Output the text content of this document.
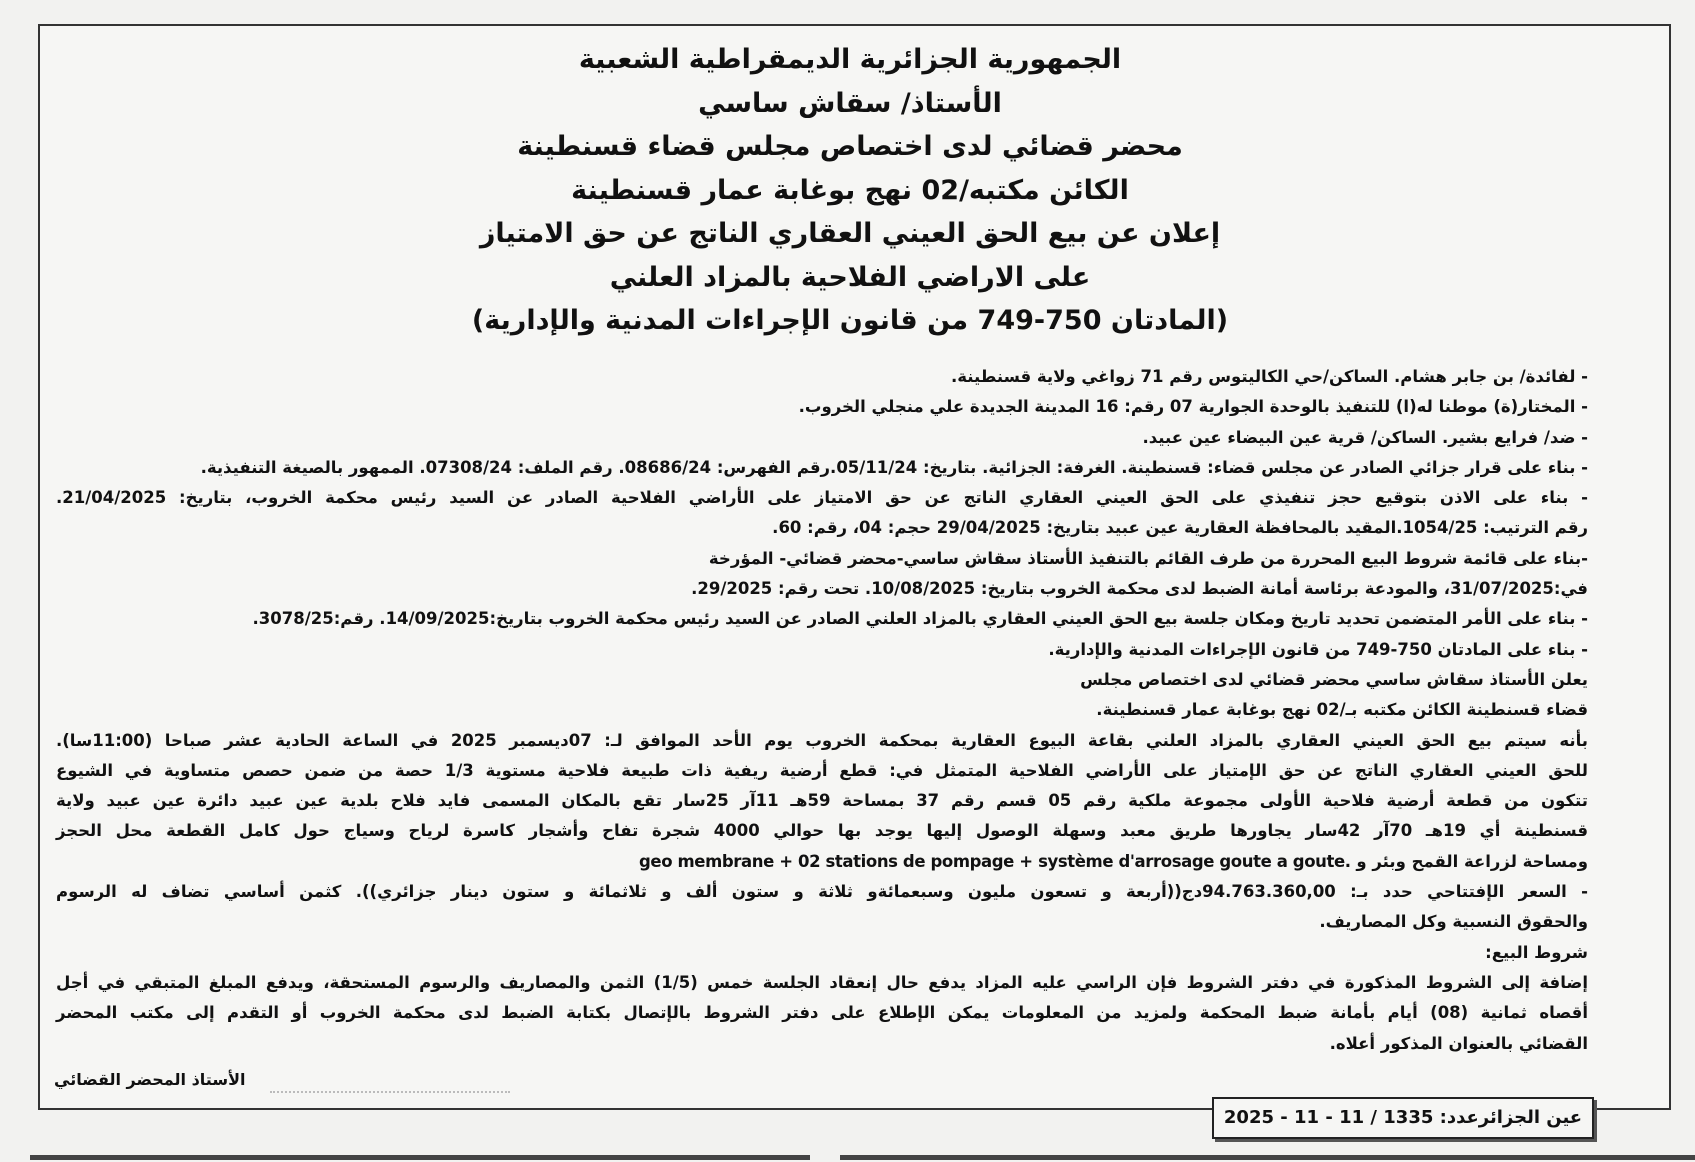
الجمهورية الجزائرية الديمقراطية الشعبية
الأستاذ/ سقاش ساسي
محضر قضائي لدى اختصاص مجلس قضاء قسنطينة
الكائن مكتبه/02 نهج بوغابة عمار قسنطينة
إعلان عن بيع الحق العيني العقاري الناتج عن حق الامتياز
على الاراضي الفلاحية بالمزاد العلني
(المادتان 750-749 من قانون الإجراءات المدنية والإدارية)
- لفائدة/ بن جابر هشام. الساكن/حي الكاليتوس رقم 71 زواغي ولاية قسنطينة.
- المختار(ة) موطنا له(ا) للتنفيذ بالوحدة الجوارية 07 رقم: 16 المدينة الجديدة علي منجلي الخروب.
- ضد/ فرايع بشير. الساكن/ قرية عين البيضاء عين عبيد.
- بناء على قرار جزائي الصادر عن مجلس قضاء: قسنطينة. الغرفة: الجزائية. بتاريخ: 05/11/24.رقم الفهرس: 08686/24. رقم الملف: 07308/24. الممهور بالصيغة التنفيذية.
- بناء على الاذن بتوقيع حجز تنفيذي على الحق العيني العقاري الناتج عن حق الامتياز على الأراضي الفلاحية الصادر عن السيد رئيس محكمة الخروب، بتاريخ: 21/04/2025.
رقم الترتيب: 1054/25.المقيد بالمحافظة العقارية عين عبيد بتاريخ: 29/04/2025 حجم: 04، رقم: 60.
-بناء على قائمة شروط البيع المحررة من طرف القائم بالتنفيذ الأستاذ سقاش ساسي-محضر قضائي- المؤرخة
في:31/07/2025، والمودعة برئاسة أمانة الضبط لدى محكمة الخروب بتاريخ: 10/08/2025. تحت رقم: 29/2025.
- بناء على الأمر المتضمن تحديد تاريخ ومكان جلسة بيع الحق العيني العقاري بالمزاد العلني الصادر عن السيد رئيس محكمة الخروب بتاريخ:14/09/2025. رقم:3078/25.
- بناء على المادتان 750-749 من قانون الإجراءات المدنية والإدارية.
يعلن الأستاذ سقاش ساسي محضر قضائي لدى اختصاص مجلس
قضاء قسنطينة الكائن مكتبه بـ/02 نهج بوغابة عمار قسنطينة.
بأنه سيتم بيع الحق العيني العقاري بالمزاد العلني بقاعة البيوع العقارية بمحكمة الخروب يوم الأحد الموافق لـ: 07ديسمبر 2025 في الساعة الحادية عشر صباحا (11:00سا).
للحق العيني العقاري الناتج عن حق الإمتياز على الأراضي الفلاحية المتمثل في: قطع أرضية ريفية ذات طبيعة فلاحية مستوية 1/3 حصة من ضمن حصص متساوية في الشيوع
تتكون من قطعة أرضية فلاحية الأولى مجموعة ملكية رقم 05 قسم رقم 37 بمساحة 59هـ 11آر 25سار تقع بالمكان المسمى فايد فلاح بلدية عين عبيد دائرة عين عبيد ولاية
قسنطينة أي 19هـ 70آر 42سار يجاورها طريق معبد وسهلة الوصول إليها يوجد بها حوالي 4000 شجرة تفاح وأشجار كاسرة لرياح وسياج حول كامل القطعة محل الحجز
ومساحة لزراعة القمح وبئر و geo membrane + 02 stations de pompage + système d'arrosage goute a goute.
- السعر الإفتتاحي حدد بـ: 94.763.360,00دج((أربعة و تسعون مليون وسبعمائةو ثلاثة و ستون ألف و ثلاثمائة و ستون دينار جزائري)). كثمن أساسي تضاف له الرسوم
والحقوق النسبية وكل المصاريف.
شروط البيع:
إضافة إلى الشروط المذكورة في دفتر الشروط فإن الراسي عليه المزاد يدفع حال إنعقاد الجلسة خمس (1/5) الثمن والمصاريف والرسوم المستحقة، ويدفع المبلغ المتبقي في أجل
أقصاه ثمانية (08) أيام بأمانة ضبط المحكمة ولمزيد من المعلومات يمكن الإطلاع على دفتر الشروط بالإتصال بكتابة الضبط لدى محكمة الخروب أو التقدم إلى مكتب المحضر
القضائي بالعنوان المذكور أعلاه.
الأستاذ المحضر القضائي
عين الجزائرعدد: 1335 / 11 - 11 - 2025
